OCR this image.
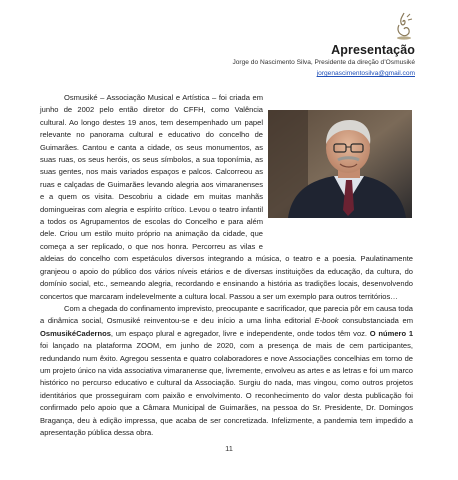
Apresentação
Jorge do Nascimento Silva, Presidente da direção d’Osmusiké
jorgenascimentosilva@gmail.com

Osmusiké – Associação Musical e Artística – foi criada em junho de 2002 pelo então diretor do CFFH, como Valência cultural. Ao longo destes 19 anos, tem desempenhado um papel relevante no panorama cultural e educativo do concelho de Guimarães. Cantou e canta a cidade, os seus monumentos, as suas ruas, os seus heróis, os seus símbolos, a sua toponímia, as suas gentes, nos mais variados espaços e palcos. Calcorreou as ruas e calçadas de Guimarães levando alegria aos vimaranenses e a quem os visita. Descobriu a cidade em muitas manhãs domingueiras com alegria e espírito crítico. Levou o teatro infantil a todos os Agrupamentos de escolas do Concelho e para além dele. Criou um estilo muito próprio na animação da cidade, que começa a ser replicado, o que nos honra. Percorreu as vilas e aldeias do concelho com espetáculos diversos integrando a música, o teatro e a poesia. Paulatinamente granjeou o apoio do público dos vários níveis etários e de diversas instituições da educação, da cultura, do domínio social, etc., semeando alegria, recordando e ensinando a história as tradições locais, desenvolvendo concertos que marcaram indelevelmente a cultura local. Passou a ser um exemplo para outros territórios…

Com a chegada do confinamento imprevisto, preocupante e sacrificador, que parecia pôr em causa toda a dinâmica social, Osmusiké reinventou-se e deu início a uma linha editorial E-book consubstanciada em OsmusikéCadernos, um espaço plural e agregador, livre e independente, onde todos têm voz. O número 1 foi lançado na plataforma ZOOM, em junho de 2020, com a presença de mais de cem participantes, redundando num êxito. Agregou sessenta e quatro colaboradores e nove Associações concelhias em torno de um projeto único na vida associativa vimaranense que, livremente, envolveu as artes e as letras e foi um marco histórico no percurso educativo e cultural da Associação. Surgiu do nada, mas vingou, como outros projetos identitários que prosseguiram com paixão e envolvimento. O reconhecimento do valor desta publicação foi confirmado pelo apoio que a Câmara Municipal de Guimarães, na pessoa do Sr. Presidente, Dr. Domingos Bragança, deu à edição impressa, que acaba de ser concretizada. Infelizmente, a pandemia tem impedido a apresentação pública dessa obra.

11
